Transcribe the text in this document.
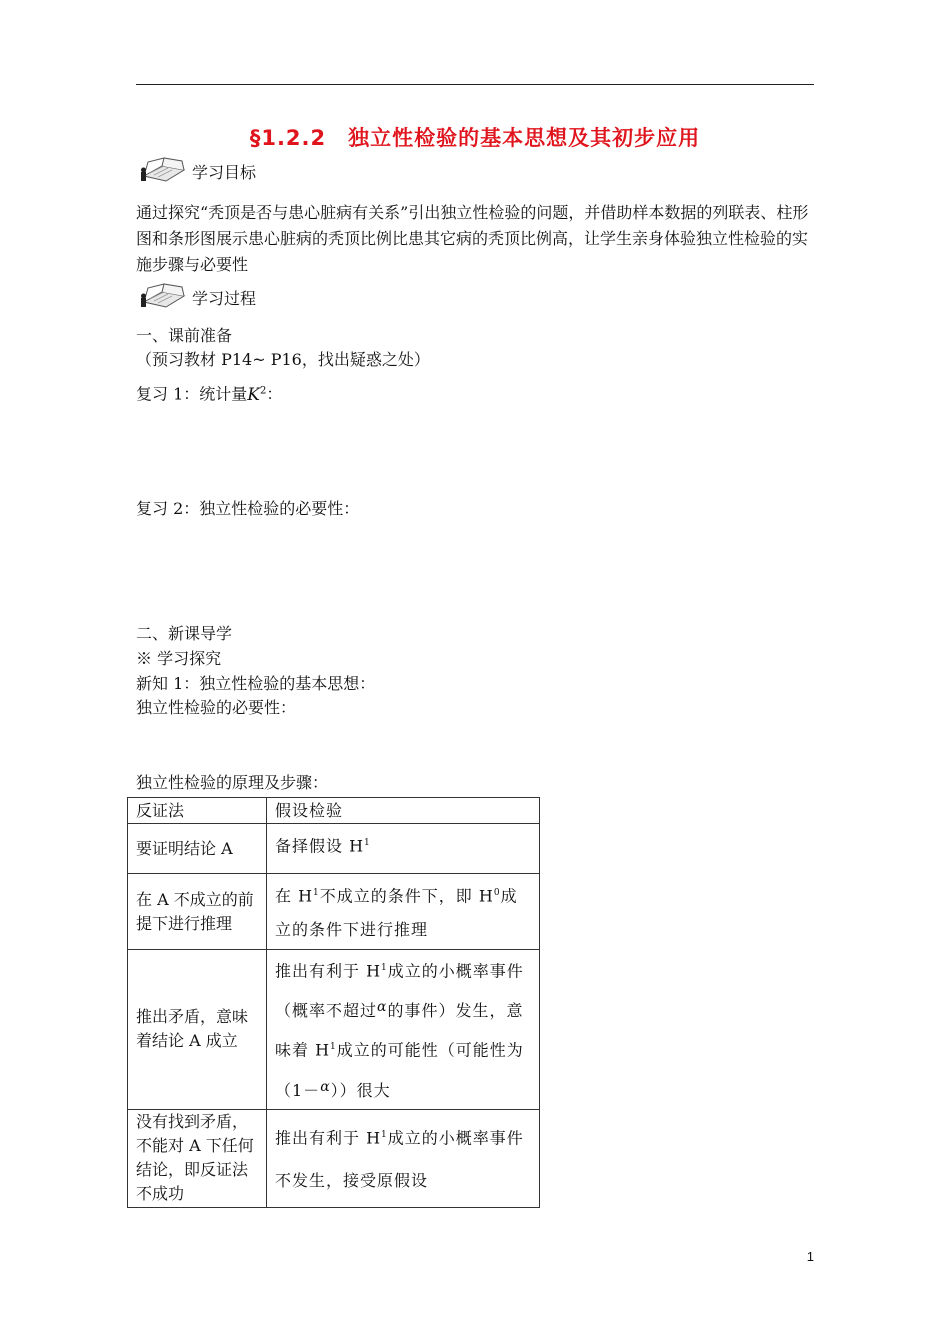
§1.2.2　独立性检验的基本思想及其初步应用
学习目标
通过探究“秃顶是否与患心脏病有关系”引出独立性检验的问题，并借助样本数据的列联表、柱形图和条形图展示患心脏病的秃顶比例比患其它病的秃顶比例高，让学生亲身体验独立性检验的实施步骤与必要性
学习过程
一、课前准备
（预习教材 P14~ P16，找出疑惑之处）
复习 1：统计量$K^2$：
复习 2：独立性检验的必要性：
二、新课导学
※ 学习探究
新知 1：独立性检验的基本思想：
独立性检验的必要性：
独立性检验的原理及步骤：
反证法	假设检验
要证明结论 A	备择假设 $H^1$
在 A 不成立的前提下进行推理	在 $H^1$不成立的条件下，即 $H^0$成立的条件下进行推理
推出矛盾，意味着结论 A 成立	推出有利于 $H^1$成立的小概率事件（概率不超过α的事件）发生，意味着 $H^1$成立的可能性（可能性为（1－α））很大
没有找到矛盾，不能对 A 下任何结论，即反证法不成功	推出有利于 $H^1$成立的小概率事件不发生，接受原假设
1
